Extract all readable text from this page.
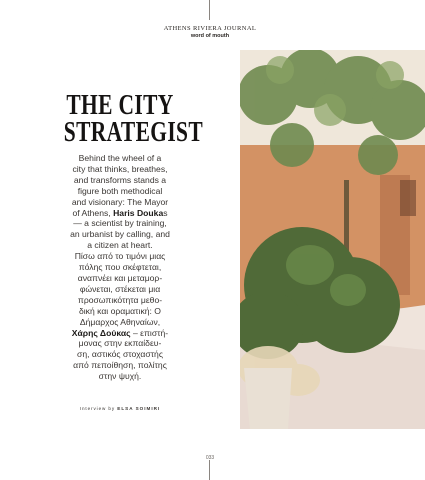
ATHENS RIVIERA JOURNAL
word of mouth
THE CITY
STRATEGIST
Behind the wheel of a
city that thinks, breathes,
and transforms stands a
figure both methodical
and visionary: The Mayor
of Athens, Haris Doukas
— a scientist by training,
an urbanist by calling, and
a citizen at heart.
Πίσω από το τιμόνι μιας
πόλης που σκέφτεται,
αναπνέει και μεταμορ-
φώνεται, στέκεται μια
προσωπικότητα μεθο-
δική και οραματική: Ο
Δήμαρχος Αθηναίων,
Χάρης Δούκας – επιστή-
μονας στην εκπαίδευ-
ση, αστικός στοχαστής
από πεποίθηση, πολίτης
στην ψυχή.
Interview by ELSA SOIMIRI
033
